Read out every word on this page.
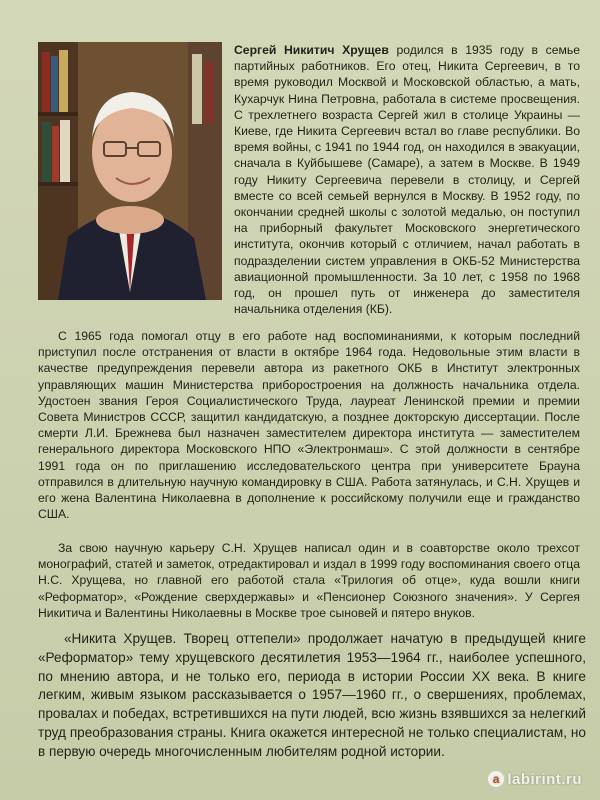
Сергей Никитич Хрущев родился в 1935 году в семье партийных работников. Его отец, Никита Сергеевич, в то время руководил Москвой и Московской областью, а мать, Кухарчук Нина Петровна, работала в системе просвещения. С трехлетнего возраста Сергей жил в столице Украины — Киеве, где Никита Сергеевич встал во главе республики. Во время войны, с 1941 по 1944 год, он находился в эвакуации, сначала в Куйбышеве (Самаре), а затем в Москве. В 1949 году Никиту Сергеевича перевели в столицу, и Сергей вместе со всей семьей вернулся в Москву. В 1952 году, по окончании средней школы с золотой медалью, он поступил на приборный факультет Московского энергетического института, окончив который с отличием, начал работать в подразделении систем управления в ОКБ-52 Министерства авиационной промышленности. За 10 лет, с 1958 по 1968 год, он прошел путь от инженера до заместителя начальника отделения (КБ).

С 1965 года помогал отцу в его работе над воспоминаниями, к которым последний приступил после отстранения от власти в октябре 1964 года. Недовольные этим власти в качестве предупреждения перевели автора из ракетного ОКБ в Институт электронных управляющих машин Министерства приборостроения на должность начальника отдела. Удостоен звания Героя Социалистического Труда, лауреат Ленинской премии и премии Совета Министров СССР, защитил кандидатскую, а позднее докторскую диссертации. После смерти Л.И. Брежнева был назначен заместителем директора института — заместителем генерального директора Московского НПО «Электронмаш». С этой должности в сентябре 1991 года он по приглашению исследовательского центра при университете Брауна отправился в длительную научную командировку в США. Работа затянулась, и С.Н. Хрущев и его жена Валентина Николаевна в дополнение к российскому получили еще и гражданство США.

За свою научную карьеру С.Н. Хрущев написал один и в соавторстве около трехсот монографий, статей и заметок, отредактировал и издал в 1999 году воспоминания своего отца Н.С. Хрущева, но главной его работой стала «Трилогия об отце», куда вошли книги «Реформатор», «Рождение сверхдержавы» и «Пенсионер Союзного значения». У Сергея Никитича и Валентины Николаевны в Москве трое сыновей и пятеро внуков.

«Никита Хрущев. Творец оттепели» продолжает начатую в предыдущей книге «Реформатор» тему хрущевского десятилетия 1953—1964 гг., наиболее успешного, по мнению автора, и не только его, периода в истории России XX века. В книге легким, живым языком рассказывается о 1957—1960 гг., о свершениях, проблемах, провалах и победах, встретившихся на пути людей, всю жизнь взявшихся за нелегкий труд преобразования страны. Книга окажется интересной не только специалистам, но в первую очередь многочисленным любителям родной истории.

а labirint.ru
